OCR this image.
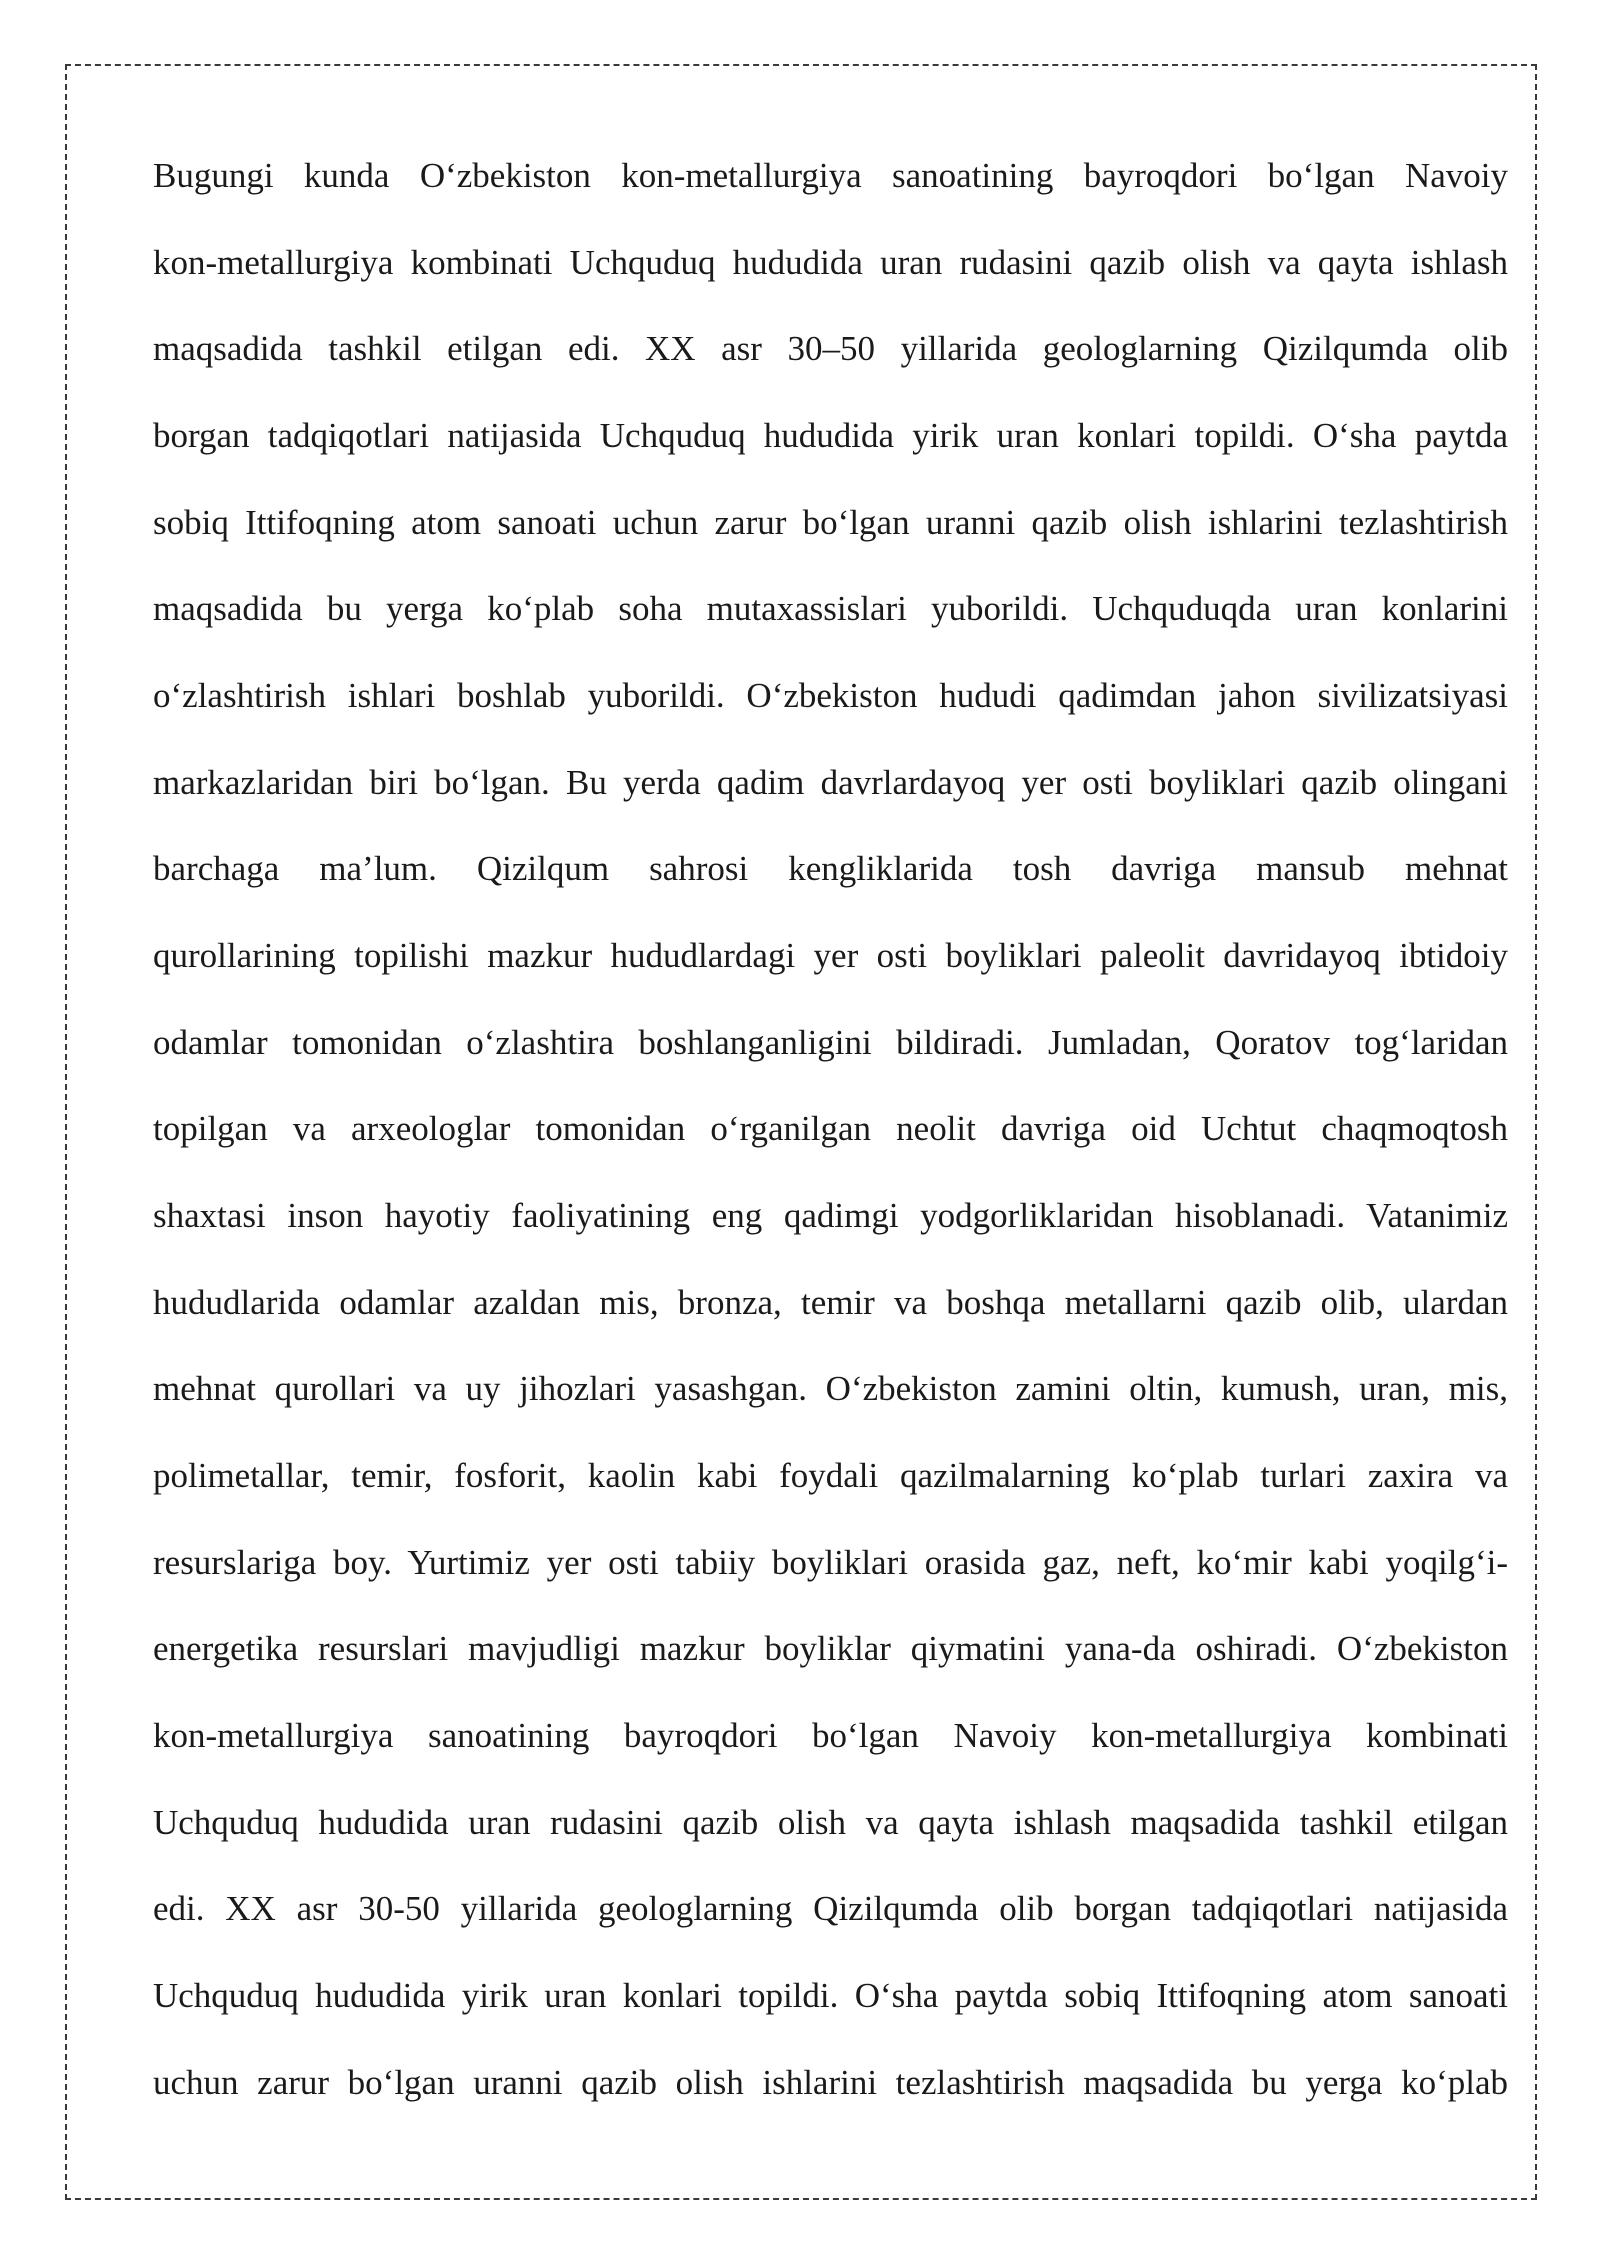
Bugungi kunda O‘zbekiston kon-metallurgiya sanoatining bayroqdori bo‘lgan Navoiy
kon-metallurgiya kombinati Uchquduq hududida uran rudasini qazib olish va qayta ishlash
maqsadida tashkil etilgan edi. XX asr 30–50 yillarida geologlarning Qizilqumda olib
borgan tadqiqotlari natijasida Uchquduq hududida yirik uran konlari topildi. O‘sha paytda
sobiq Ittifoqning atom sanoati uchun zarur bo‘lgan uranni qazib olish ishlarini tezlashtirish
maqsadida bu yerga ko‘plab soha mutaxassislari yuborildi. Uchquduqda uran konlarini
o‘zlashtirish ishlari boshlab yuborildi. O‘zbekiston hududi qadimdan jahon sivilizatsiyasi
markazlaridan biri bo‘lgan. Bu yerda qadim davrlardayoq yer osti boyliklari qazib olingani
barchaga ma’lum. Qizilqum sahrosi kengliklarida tosh davriga mansub mehnat
qurollarining topilishi mazkur hududlardagi yer osti boyliklari paleolit davridayoq ibtidoiy
odamlar tomonidan o‘zlashtira boshlanganligini bildiradi. Jumladan, Qoratov tog‘laridan
topilgan va arxeologlar tomonidan o‘rganilgan neolit davriga oid Uchtut chaqmoqtosh
shaxtasi inson hayotiy faoliyatining eng qadimgi yodgorliklaridan hisoblanadi. Vatanimiz
hududlarida odamlar azaldan mis, bronza, temir va boshqa metallarni qazib olib, ulardan
mehnat qurollari va uy jihozlari yasashgan. O‘zbekiston zamini oltin, kumush, uran, mis,
polimetallar, temir, fosforit, kaolin kabi foydali qazilmalarning ko‘plab turlari zaxira va
resurslariga boy. Yurtimiz yer osti tabiiy boyliklari orasida gaz, neft, ko‘mir kabi yoqilg‘i-
energetika resurslari mavjudligi mazkur boyliklar qiymatini yana-da oshiradi. O‘zbekiston
kon-metallurgiya sanoatining bayroqdori bo‘lgan Navoiy kon-metallurgiya kombinati
Uchquduq hududida uran rudasini qazib olish va qayta ishlash maqsadida tashkil etilgan
edi. XX asr 30-50 yillarida geologlarning Qizilqumda olib borgan tadqiqotlari natijasida
Uchquduq hududida yirik uran konlari topildi. O‘sha paytda sobiq Ittifoqning atom sanoati
uchun zarur bo‘lgan uranni qazib olish ishlarini tezlashtirish maqsadida bu yerga ko‘plab
